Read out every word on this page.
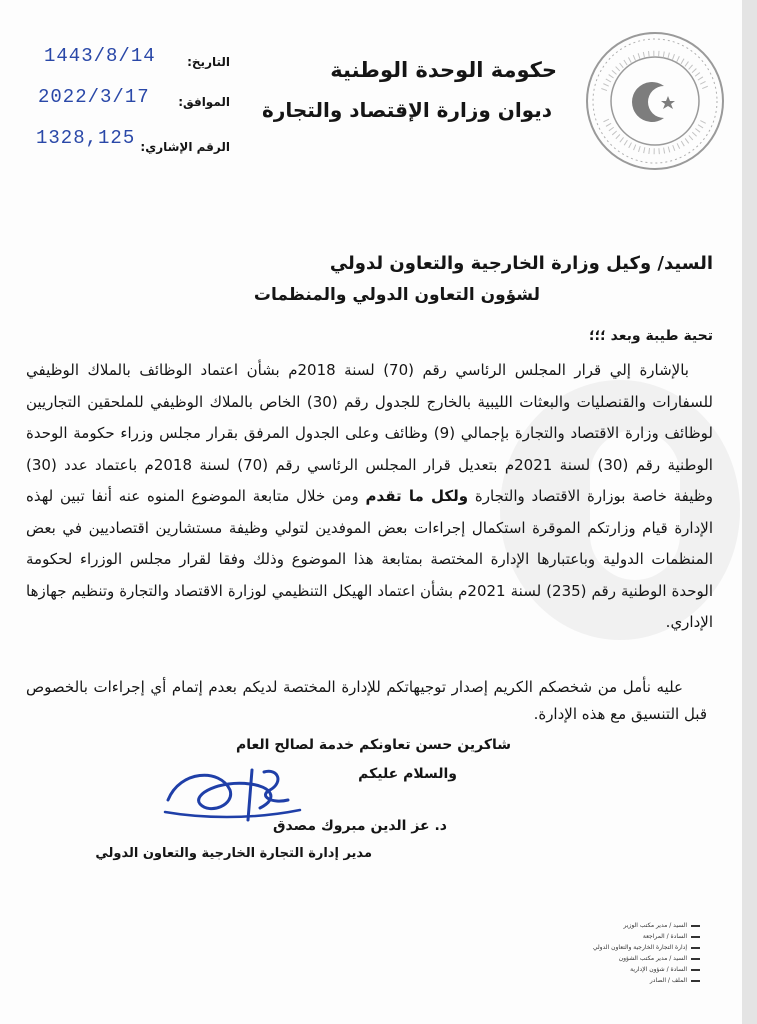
حكومة الوحدة الوطنية
ديوان وزارة الإقتصاد والتجارة
التاريخ:
1443/8/14
الموافق:
2022/3/17
الرقم الإشاري:
1328,125
السيد/ وكيل وزارة الخارجية والتعاون لدولي
لشؤون التعاون الدولي والمنظمات
تحية طيبة وبعد ؛؛؛
بالإشارة إلي قرار المجلس الرئاسي رقم (70) لسنة 2018م بشأن اعتماد الوظائف بالملاك الوظيفي للسفارات والقنصليات والبعثات الليبية بالخارج للجدول رقم (30) الخاص بالملاك الوظيفي للملحقين التجاريين لوظائف وزارة الاقتصاد والتجارة بإجمالي (9) وظائف وعلى الجدول المرفق بقرار مجلس وزراء حكومة الوحدة الوطنية رقم (30) لسنة 2021م بتعديل قرار المجلس الرئاسي رقم (70) لسنة 2018م باعتماد عدد (30) وظيفة خاصة بوزارة الاقتصاد والتجارة ولكل ما تقدم ومن خلال متابعة الموضوع المنوه عنه أنفا تبين لهذه الإدارة قيام وزارتكم الموقرة استكمال إجراءات بعض الموفدين لتولي وظيفة مستشارين اقتصاديين في بعض المنظمات الدولية وباعتبارها الإدارة المختصة بمتابعة هذا الموضوع وذلك وفقا لقرار مجلس الوزراء لحكومة الوحدة الوطنية رقم (235) لسنة 2021م بشأن اعتماد الهيكل التنظيمي لوزارة الاقتصاد والتجارة وتنظيم جهازها الإداري.
عليه نأمل من شخصكم الكريم إصدار توجيهاتكم للإدارة المختصة لديكم بعدم إتمام أي إجراءات بالخصوص قبل التنسيق مع هذه الإدارة.
شاكرين حسن تعاونكم خدمة لصالح العام
والسلام عليكم
د. عز الدين مبروك مصدق
مدير إدارة التجارة الخارجية والتعاون الدولي
السيد / مدير مكتب الوزير
السادة / المراجعة
إدارة التجارة الخارجية والتعاون الدولي
السيد / مدير مكتب الشؤون
السادة / شؤون الإدارية
الملف / الصادر
